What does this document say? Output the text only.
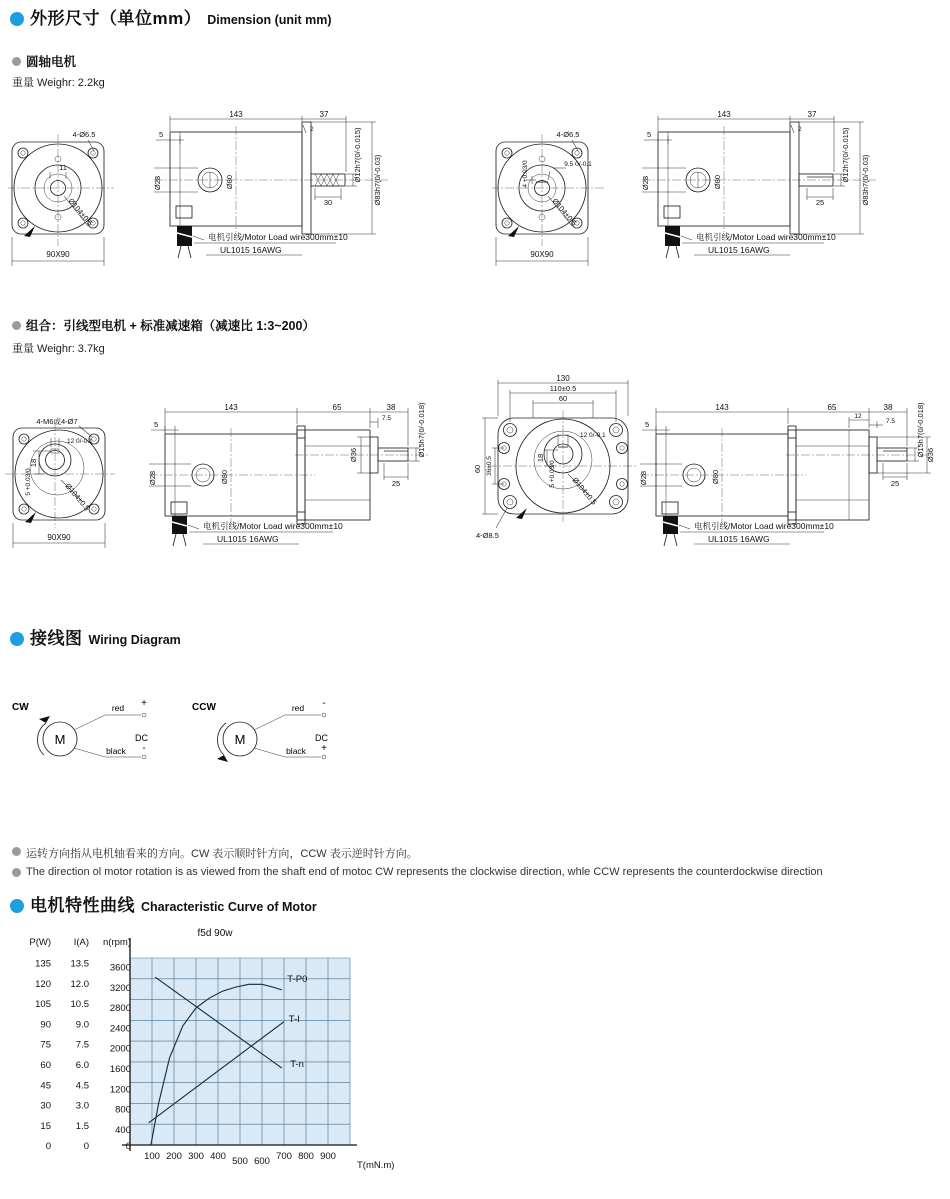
外形尺寸（单位mm） Dimension (unit mm)
圆轴电机
重量 Weighr: 2.2kg
11
4-Ø6.5
Ø104±0.5
90X90
143	37
2
5
Ø28	Ø80
30
Ø12h7(0/-0.015) Ø83h7(0/-0.03)
电机引线/Motor Load wire300mm±10
UL1015 16AWG
4-Ø6.5
9.5 0/-0.1
4 +0.03/0
Ø104±0.5
90X90
143	37
2
5
Ø28	Ø80
25
Ø12h7(0/-0.015) Ø83h7(0/-0.03)
电机引线/Motor Load wire300mm±10
UL1015 16AWG
组合：引线型电机 + 标准减速箱（减速比 1:3~200）
重量 Weighr: 3.7kg
4-M6或4-Ø7
12 0/-0.1
18
5 +0.03/0	Ø104±0.5
90X90
143	65	38
7.5
5
Ø28	Ø80
Ø36
25
Ø15h7(0/-0.018)
电机引线/Motor Load wire300mm±10
UL1015 16AWG
130
110±0.5
60
60 36±0.5
12 0/-0.1
18
5 +0.03/0
Ø104±0.5
4-Ø8.5
143	65	38
12
7.5
5
Ø28	Ø80
Ø36
25
Ø15h7(0/-0.018)
电机引线/Motor Load wire300mm±10
UL1015 16AWG
接线图 Wiring Diagram
CW
M
red +
black -
DC
CCW
M
red -
black +
DC
运转方向指从电机轴看来的方向。CW 表示顺时针方向，CCW 表示逆时针方向。
The direction ol motor rotation is as viewed from the shaft end of motoc CW represents the clockwise direction, whle CCW represents the counterdockwise direction
电机特性曲线 Characteristic Curve of Motor
f5d 90w
100 200 300 400 500 600 700 800 900
T(mN.m)
P(W) I(A) n(rpm)
135
120
105
90
75
60
45
30
15
0
13.5
12.0
10.5
9.0
7.5
6.0
4.5
3.0
1.5
0
3600
3200
2800
2400
2000
1600
1200
800
400
0
T-P0
T-I
T-n
